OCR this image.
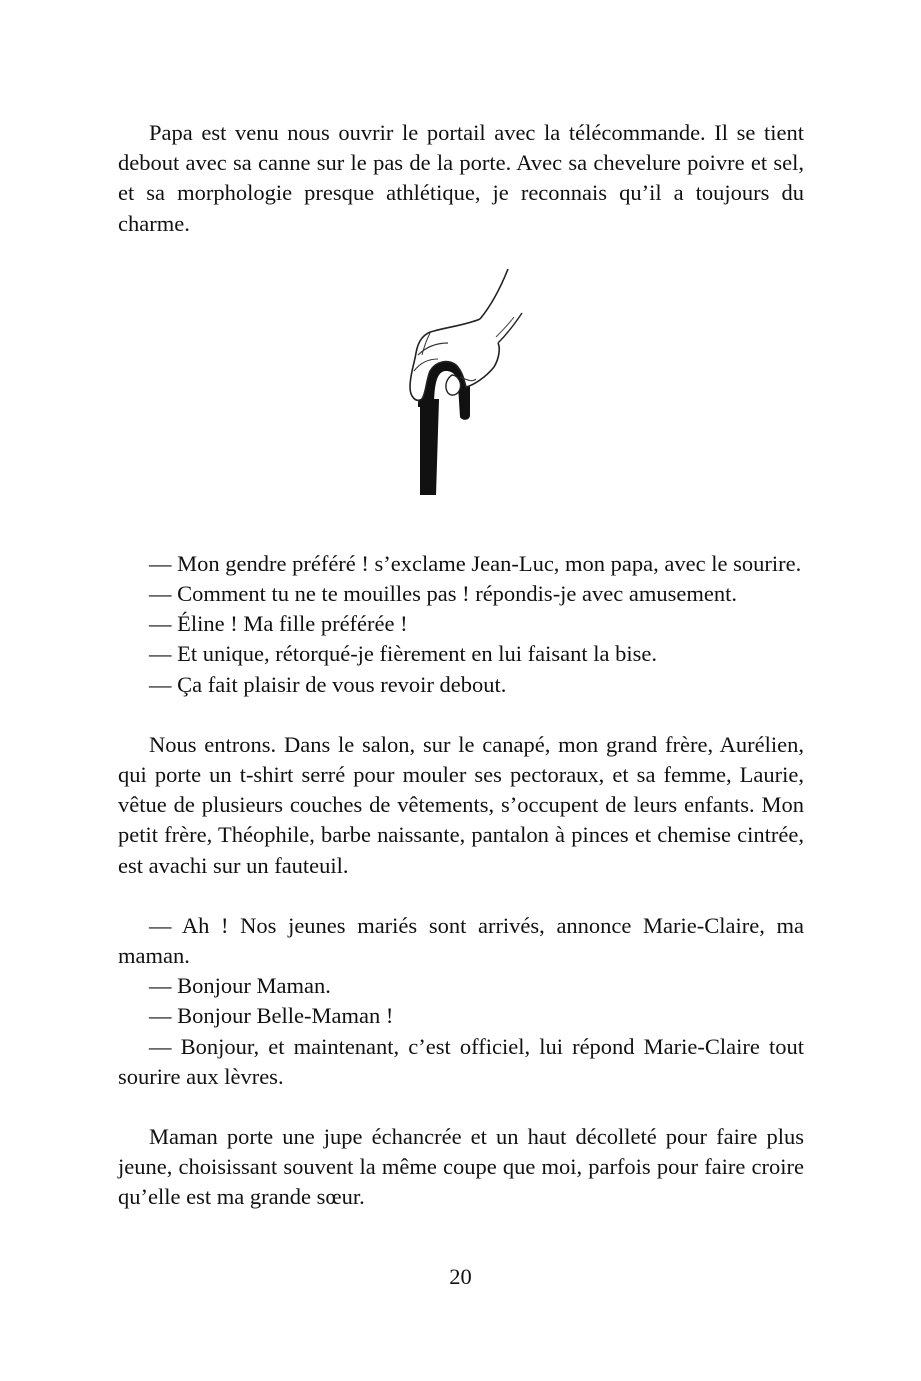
Papa est venu nous ouvrir le portail avec la télécommande. Il se tient debout avec sa canne sur le pas de la porte. Avec sa chevelure poivre et sel, et sa morphologie presque athlétique, je reconnais qu’il a toujours du charme.

— Mon gendre préféré ! s’exclame Jean-Luc, mon papa, avec le sourire.

— Comment tu ne te mouilles pas ! répondis-je avec amusement.

— Éline ! Ma fille préférée !

— Et unique, rétorqué-je fièrement en lui faisant la bise.

— Ça fait plaisir de vous revoir debout.

Nous entrons. Dans le salon, sur le canapé, mon grand frère, Aurélien, qui porte un t-shirt serré pour mouler ses pectoraux, et sa femme, Laurie, vêtue de plusieurs couches de vêtements, s’occupent de leurs enfants. Mon petit frère, Théophile, barbe naissante, pantalon à pinces et chemise cintrée, est avachi sur un fauteuil.

— Ah ! Nos jeunes mariés sont arrivés, annonce Marie-Claire, ma maman.

— Bonjour Maman.

— Bonjour Belle-Maman !

— Bonjour, et maintenant, c’est officiel, lui répond Marie-Claire tout sourire aux lèvres.

Maman porte une jupe échancrée et un haut décolleté pour faire plus jeune, choisissant souvent la même coupe que moi, parfois pour faire croire qu’elle est ma grande sœur.

20
